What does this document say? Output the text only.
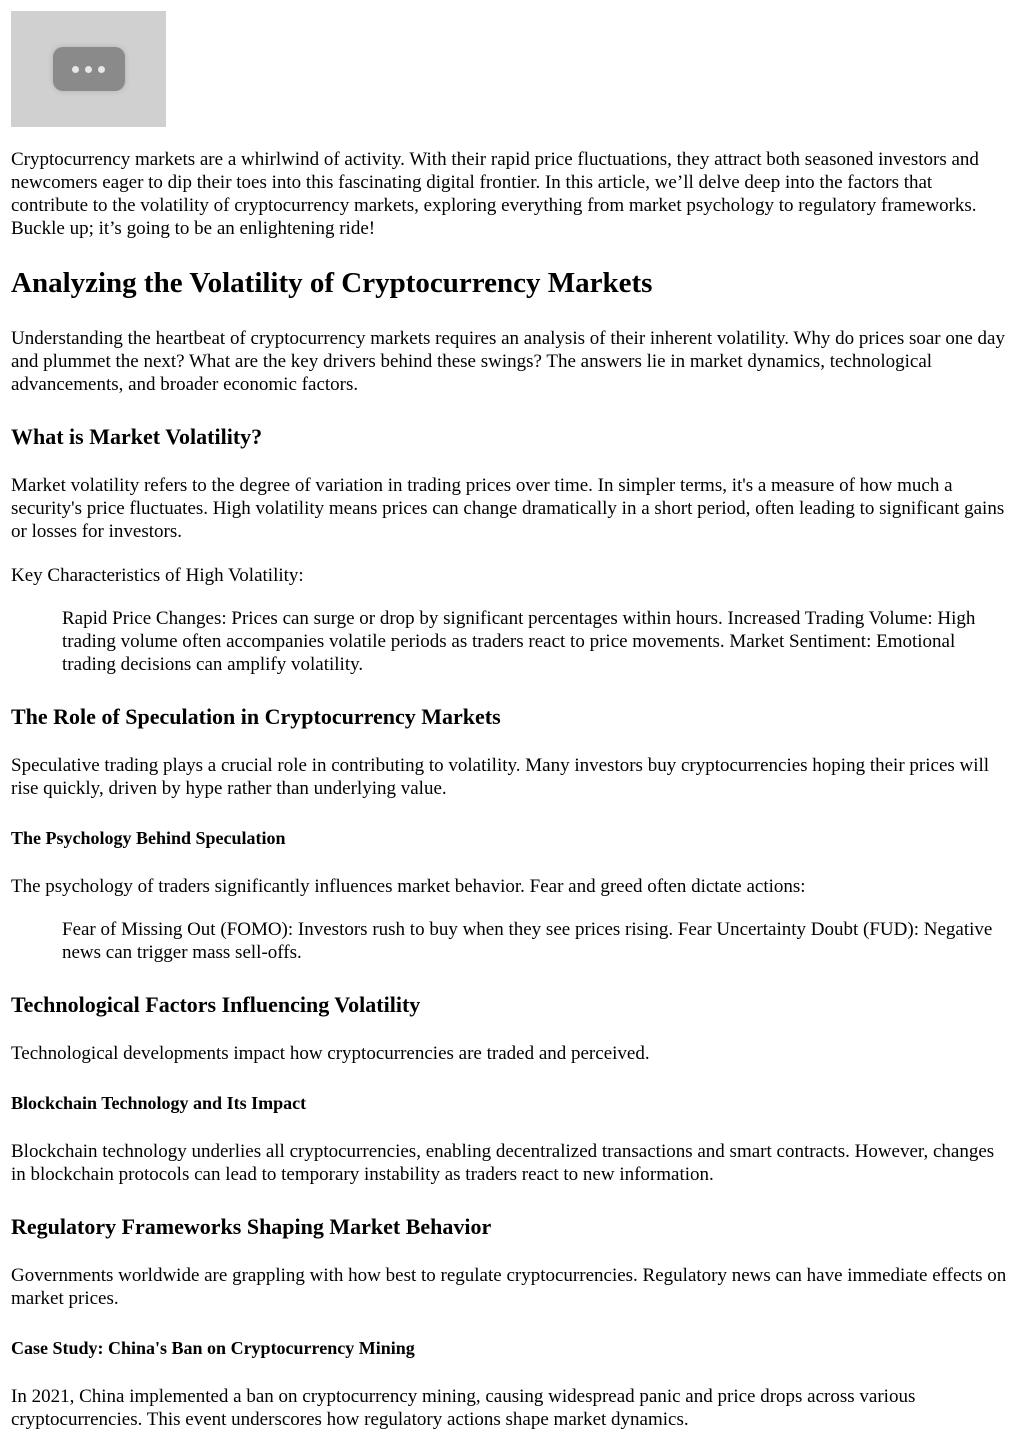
Cryptocurrency markets are a whirlwind of activity. With their rapid price fluctuations, they attract both seasoned investors and newcomers eager to dip their toes into this fascinating digital frontier. In this article, we’ll delve deep into the factors that contribute to the volatility of cryptocurrency markets, exploring everything from market psychology to regulatory frameworks. Buckle up; it’s going to be an enlightening ride!

Analyzing the Volatility of Cryptocurrency Markets

Understanding the heartbeat of cryptocurrency markets requires an analysis of their inherent volatility. Why do prices soar one day and plummet the next? What are the key drivers behind these swings? The answers lie in market dynamics, technological advancements, and broader economic factors.

What is Market Volatility?

Market volatility refers to the degree of variation in trading prices over time. In simpler terms, it's a measure of how much a security's price fluctuates. High volatility means prices can change dramatically in a short period, often leading to significant gains or losses for investors.

Key Characteristics of High Volatility:

Rapid Price Changes: Prices can surge or drop by significant percentages within hours. Increased Trading Volume: High trading volume often accompanies volatile periods as traders react to price movements. Market Sentiment: Emotional trading decisions can amplify volatility.

The Role of Speculation in Cryptocurrency Markets

Speculative trading plays a crucial role in contributing to volatility. Many investors buy cryptocurrencies hoping their prices will rise quickly, driven by hype rather than underlying value.

The Psychology Behind Speculation

The psychology of traders significantly influences market behavior. Fear and greed often dictate actions:

Fear of Missing Out (FOMO): Investors rush to buy when they see prices rising. Fear Uncertainty Doubt (FUD): Negative news can trigger mass sell-offs.

Technological Factors Influencing Volatility

Technological developments impact how cryptocurrencies are traded and perceived.

Blockchain Technology and Its Impact

Blockchain technology underlies all cryptocurrencies, enabling decentralized transactions and smart contracts. However, changes in blockchain protocols can lead to temporary instability as traders react to new information.

Regulatory Frameworks Shaping Market Behavior

Governments worldwide are grappling with how best to regulate cryptocurrencies. Regulatory news can have immediate effects on market prices.

Case Study: China's Ban on Cryptocurrency Mining

In 2021, China implemented a ban on cryptocurrency mining, causing widespread panic and price drops across various cryptocurrencies. This event underscores how regulatory actions shape market dynamics.
